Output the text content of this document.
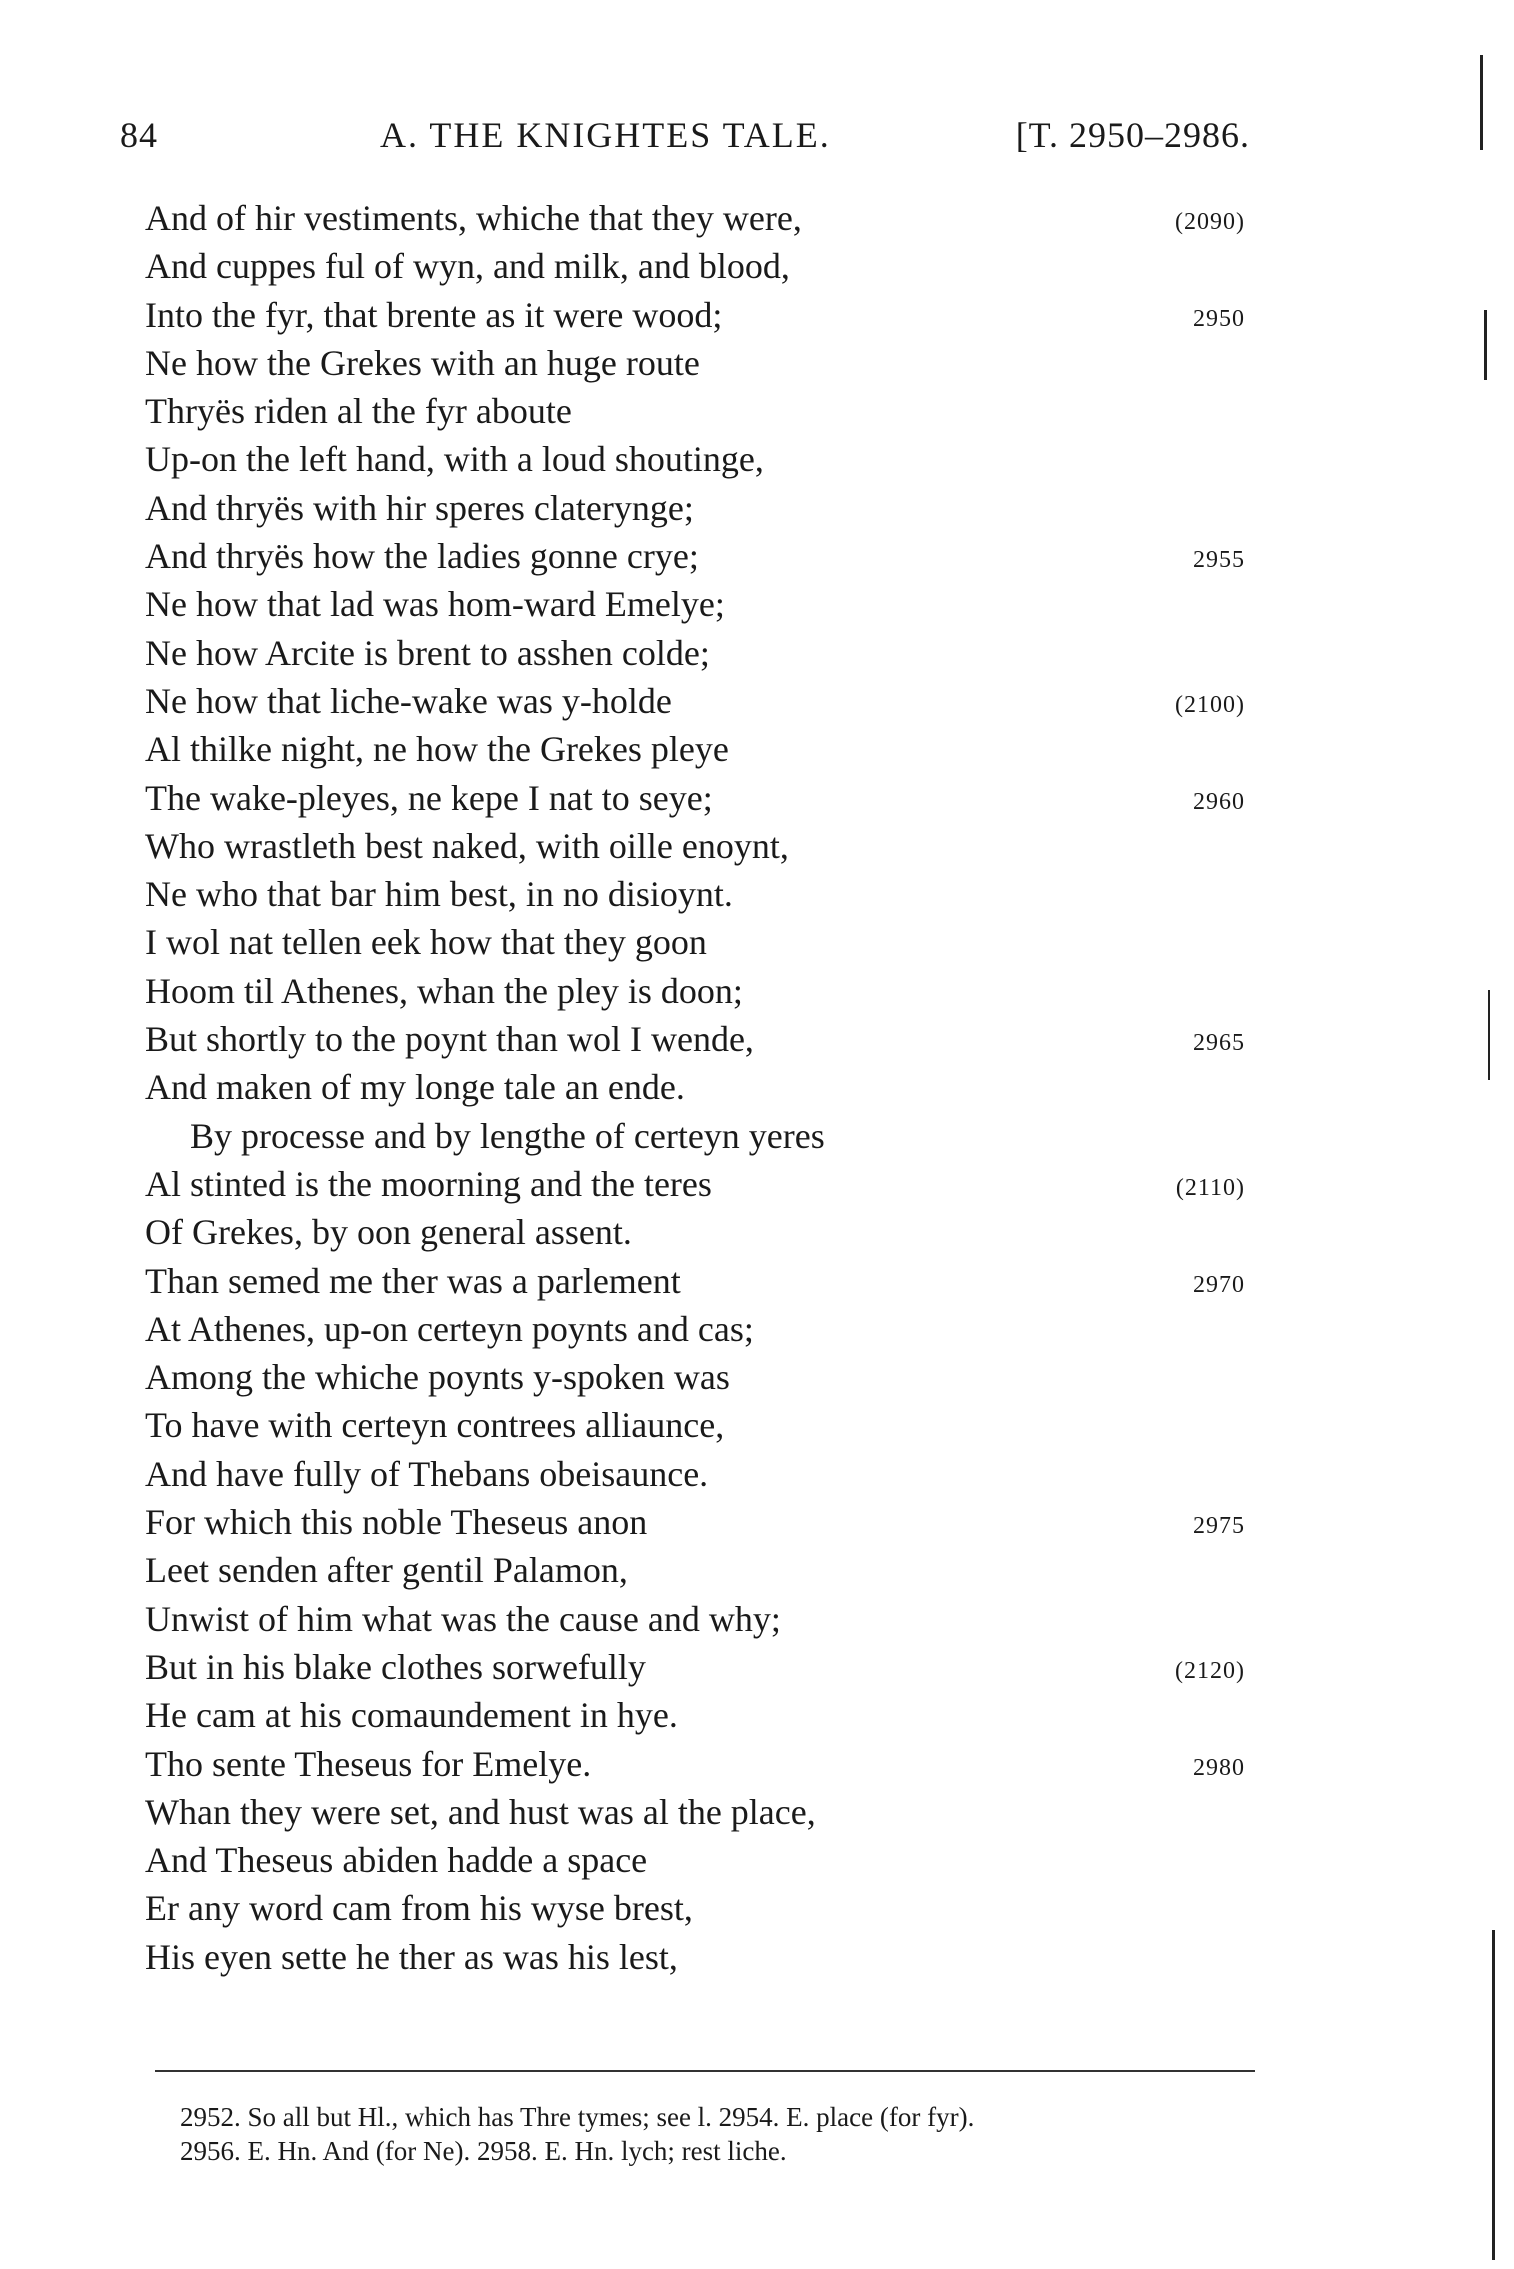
84	A. THE KNIGHTES TALE.	[T. 2950–2986.
And of hir vestiments, whiche that they were,	(2090)
And cuppes ful of wyn, and milk, and blood,
Into the fyr, that brente as it were wood;	2950
Ne how the Grekes with an huge route
Thryës riden al the fyr aboute
Up-on the left hand, with a loud shoutinge,
And thryës with hir speres claterynge;
And thryës how the ladies gonne crye;	2955
Ne how that lad was hom-ward Emelye;
Ne how Arcite is brent to asshen colde;
Ne how that liche-wake was y-holde	(2100)
Al thilke night, ne how the Grekes pleye
The wake-pleyes, ne kepe I nat to seye;	2960
Who wrastleth best naked, with oille enoynt,
Ne who that bar him best, in no disioynt.
I wol nat tellen eek how that they goon
Hoom til Athenes, whan the pley is doon;
But shortly to the poynt than wol I wende,	2965
And maken of my longe tale an ende.
By processe and by lengthe of certeyn yeres
Al stinted is the moorning and the teres	(2110)
Of Grekes, by oon general assent.
Than semed me ther was a parlement	2970
At Athenes, up-on certeyn poynts and cas;
Among the whiche poynts y-spoken was
To have with certeyn contrees alliaunce,
And have fully of Thebans obeisaunce.
For which this noble Theseus anon	2975
Leet senden after gentil Palamon,
Unwist of him what was the cause and why;
But in his blake clothes sorwefully	(2120)
He cam at his comaundement in hye.
Tho sente Theseus for Emelye.	2980
Whan they were set, and hust was al the place,
And Theseus abiden hadde a space
Er any word cam from his wyse brest,
His eyen sette he ther as was his lest,
2952. So all but Hl., which has Thre tymes; see l. 2954. E. place (for fyr).
2956. E. Hn. And (for Ne). 2958. E. Hn. lych; rest liche.
